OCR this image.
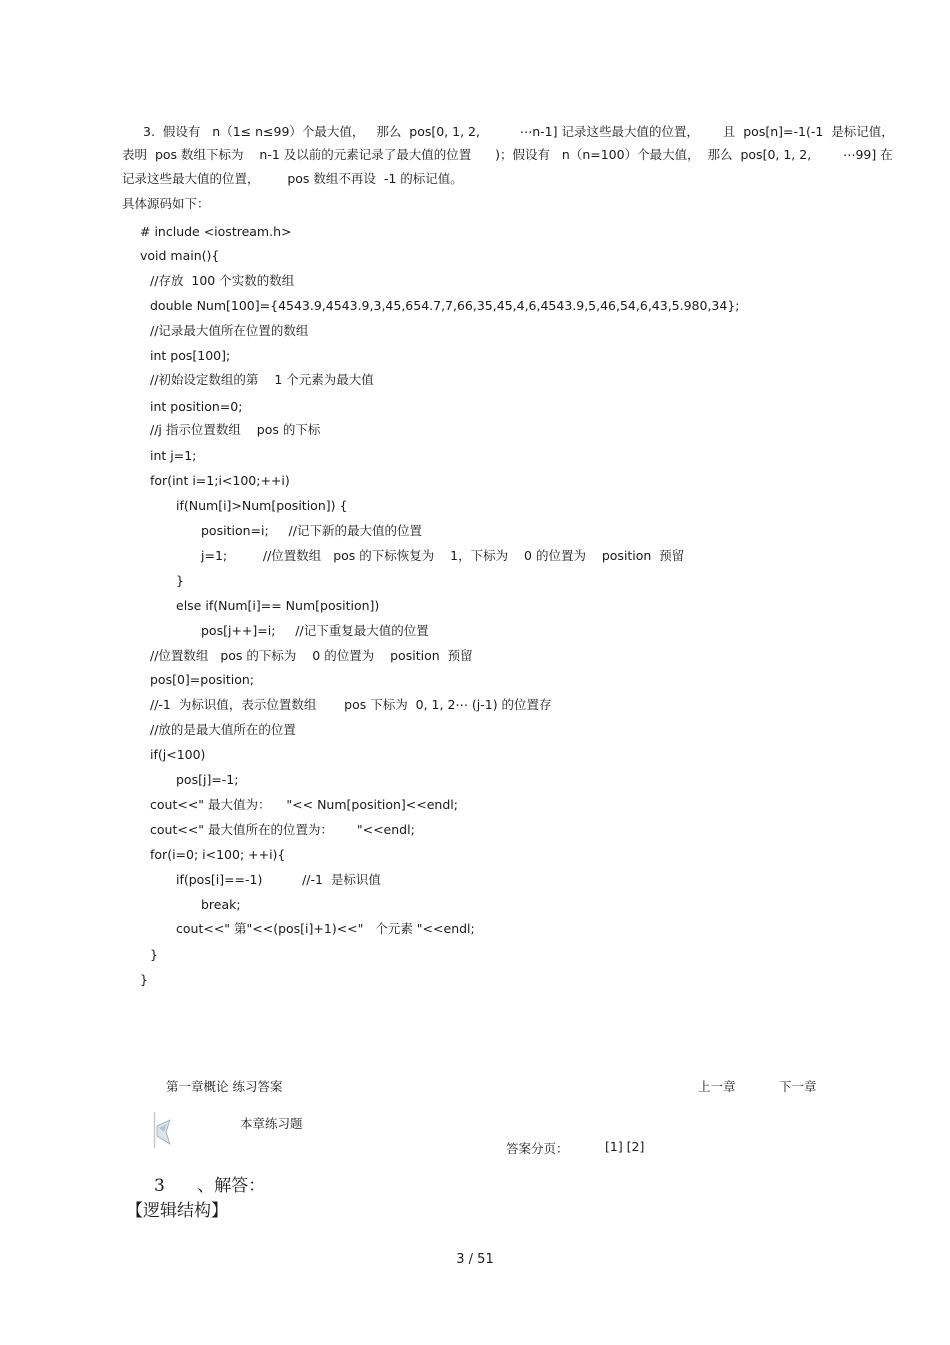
3.  假设有   n（1≤ n≤99）个最大值，   那么  pos[0, 1, 2,          ⋯n-1] 记录这些最大值的位置，      且  pos[n]=-1(-1  是标记值，
表明  pos 数组下标为    n-1 及以前的元素记录了最大值的位置      )；假设有   n（n=100）个最大值，  那么  pos[0, 1, 2,        ⋯99] 在
记录这些最大值的位置，       pos 数组不再设  -1 的标记值。
具体源码如下：
# include <iostream.h>
void main(){
//存放  100 个实数的数组
double Num[100]={4543.9,4543.9,3,45,654.7,7,66,35,45,4,6,4543.9,5,46,54,6,43,5.980,34};
//记录最大值所在位置的数组
int pos[100];
//初始设定数组的第    1 个元素为最大值
int position=0;
//j 指示位置数组    pos 的下标
int j=1;
for(int i=1;i<100;++i)
if(Num[i]>Num[position]) {
position=i;     //记下新的最大值的位置
j=1;         //位置数组   pos 的下标恢复为    1，下标为    0 的位置为    position  预留
}
else if(Num[i]== Num[position])
pos[j++]=i;     //记下重复最大值的位置
//位置数组   pos 的下标为    0 的位置为    position  预留
pos[0]=position;
//-1  为标识值，表示位置数组       pos 下标为  0, 1, 2⋯ (j-1) 的位置存
//放的是最大值所在的位置
if(j<100)
pos[j]=-1;
cout<<" 最大值为：    "<< Num[position]<<endl;
cout<<" 最大值所在的位置为：      "<<endl;
for(i=0; i<100; ++i){
if(pos[i]==-1)          //-1  是标识值
break;
cout<<" 第"<<(pos[i]+1)<<"   个元素 "<<endl;
}
}
第一章概论 练习答案	上一章	下一章
本章练习题
答案分页：	[1] [2]
3      、解答：
【逻辑结构】
3 / 51
